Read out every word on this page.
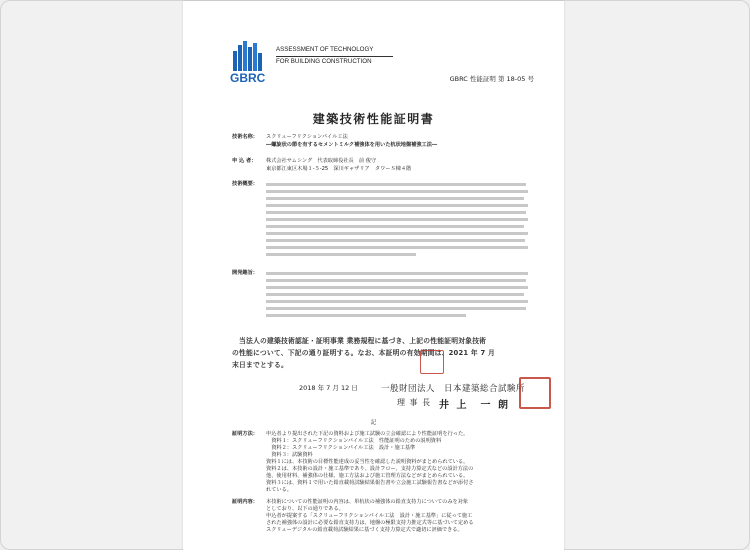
GBRC
ASSESSMENT OF TECHNOLOGY
FOR BUILDING CONSTRUCTION
GBRC 性能証明 第 18-05 号
建築技術性能証明書
技術名称： スクリューフリクションパイル工法
―螺旋状の節を有するセメントミルク補強体を用いた杭状地盤補強工法―
申 込 者： 株式会社サムシング　代表取締役社長　前 俊守
東京都江東区木場１-５-25　深川ギャザリア　タワーＳ棟４階
技術概要：
開発趣旨：
当法人の建築技術認証・証明事業 業務規程に基づき、上記の性能証明対象技術
の性能について、下記の通り証明する。なお、本証明の有効期間は、2021 年 7 月
末日までとする。
2018 年 7 月 12 日	一般財団法人　日本建築総合試験所
理 事 長 井 上　一 朗
記
証明方法： 申込者より提出された下記の資料および施工試験の立会確認により性能証明を行った。
　資料１：スクリューフリクションパイル工法　性能証明のための説明資料
　資料２：スクリューフリクションパイル工法　設計・施工基準
　資料３：試験資料
資料１には、本技術の目標性能達成の妥当性を確認した説明資料がまとめられている。
資料２は、本技術の設計・施工基準であり、設計フロー、支持力算定式などの設計方法の
他、使用材料、補強体の仕様、施工方法および施工管理方法などがまとめられている。
資料３には、資料１で用いた鉛直載荷試験結果報告書や立会施工試験報告書などが添付さ
れている。
証明内容： 本技術についての性能証明の内容は、単杭状の補強体の鉛直支持力についてのみを対象
としており、以下の通りである。
申込者が提案する「スクリューフリクションパイル工法　設計・施工基準」に従って施工
された補強体の設計に必要な鉛直支持力は、地盤の極限支持力推定式等に基づいて定める
スクリューデジタルの鉛直載荷試験結果に基づく支持力算定式で適切に評価できる。
